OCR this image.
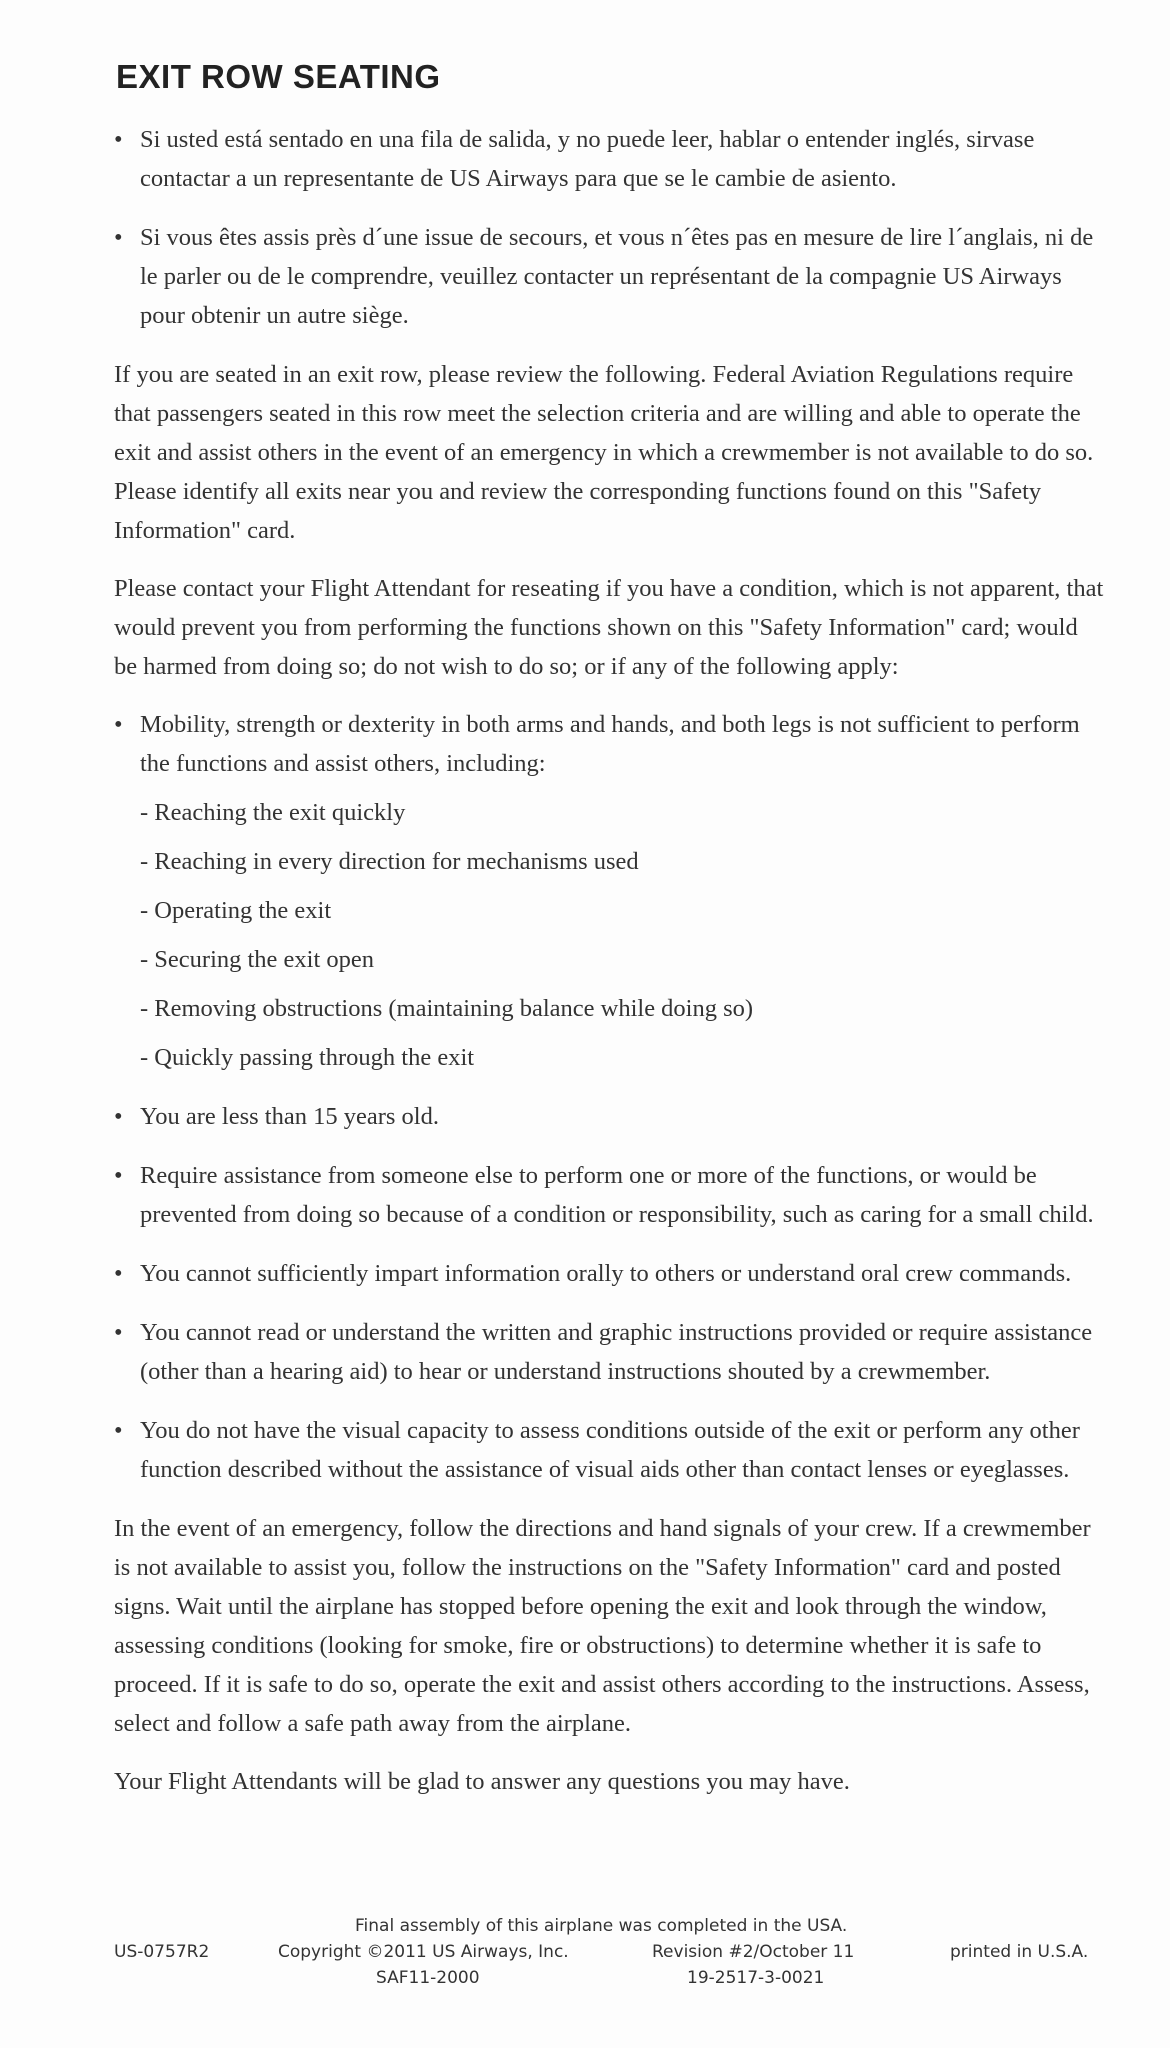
EXIT ROW SEATING
• Si usted está sentado en una fila de salida, y no puede leer, hablar o entender inglés, sirvase contactar a un representante de US Airways para que se le cambie de asiento.
• Si vous êtes assis près d´une issue de secours, et vous n´êtes pas en mesure de lire l´anglais, ni de le parler ou de le comprendre, veuillez contacter un représentant de la compagnie US Airways pour obtenir un autre siège.

If you are seated in an exit row, please review the following. Federal Aviation Regulations require that passengers seated in this row meet the selection criteria and are willing and able to operate the exit and assist others in the event of an emergency in which a crewmember is not available to do so. Please identify all exits near you and review the corresponding functions found on this "Safety Information" card.

Please contact your Flight Attendant for reseating if you have a condition, which is not apparent, that would prevent you from performing the functions shown on this "Safety Information" card; would be harmed from doing so; do not wish to do so; or if any of the following apply:

• Mobility, strength or dexterity in both arms and hands, and both legs is not sufficient to perform the functions and assist others, including:
- Reaching the exit quickly
- Reaching in every direction for mechanisms used
- Operating the exit
- Securing the exit open
- Removing obstructions (maintaining balance while doing so)
- Quickly passing through the exit
• You are less than 15 years old.
• Require assistance from someone else to perform one or more of the functions, or would be prevented from doing so because of a condition or responsibility, such as caring for a small child.
• You cannot sufficiently impart information orally to others or understand oral crew commands.
• You cannot read or understand the written and graphic instructions provided or require assistance (other than a hearing aid) to hear or understand instructions shouted by a crewmember.
• You do not have the visual capacity to assess conditions outside of the exit or perform any other function described without the assistance of visual aids other than contact lenses or eyeglasses.

In the event of an emergency, follow the directions and hand signals of your crew. If a crewmember is not available to assist you, follow the instructions on the "Safety Information" card and posted signs. Wait until the airplane has stopped before opening the exit and look through the window, assessing conditions (looking for smoke, fire or obstructions) to determine whether it is safe to proceed. If it is safe to do so, operate the exit and assist others according to the instructions. Assess, select and follow a safe path away from the airplane.

Your Flight Attendants will be glad to answer any questions you may have.

Final assembly of this airplane was completed in the USA.
US-0757R2	Copyright ©2011 US Airways, Inc.	Revision #2/October 11	printed in U.S.A.
SAF11-2000	19-2517-3-0021
